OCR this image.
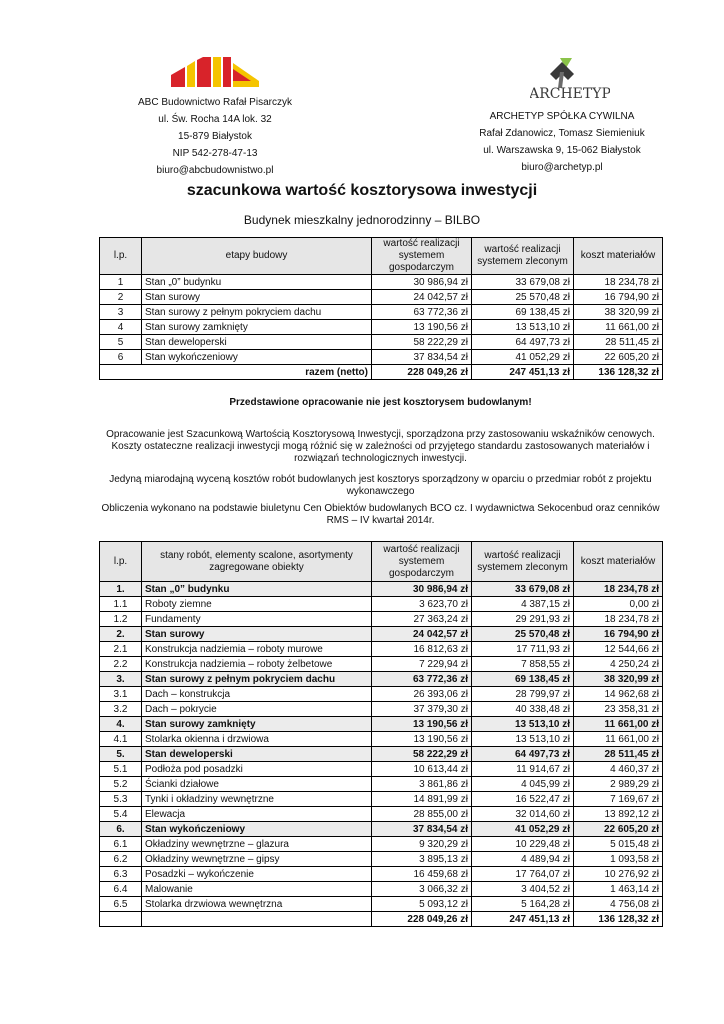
ABC Budownictwo Rafał Pisarczyk
ul. Św. Rocha 14A lok. 32
15-879 Białystok
NIP 542-278-47-13
biuro@abcbudownistwo.pl
ARCHETYP
ARCHETYP SPÓŁKA CYWILNA
Rafał Zdanowicz, Tomasz Siemieniuk
ul. Warszawska 9, 15-062 Białystok
biuro@archetyp.pl
szacunkowa wartość kosztorysowa inwestycji
Budynek mieszkalny jednorodzinny – BILBO
l.p.	etapy budowy	wartość realizacji systemem gospodarczym	wartość realizacji systemem zleconym	koszt materiałów
1	Stan „0” budynku	30 986,94 zł	33 679,08 zł	18 234,78 zł
2	Stan surowy	24 042,57 zł	25 570,48 zł	16 794,90 zł
3	Stan surowy z pełnym pokryciem dachu	63 772,36 zł	69 138,45 zł	38 320,99 zł
4	Stan surowy zamknięty	13 190,56 zł	13 513,10 zł	11 661,00 zł
5	Stan deweloperski	58 222,29 zł	64 497,73 zł	28 511,45 zł
6	Stan wykończeniowy	37 834,54 zł	41 052,29 zł	22 605,20 zł
razem (netto)		228 049,26 zł	247 451,13 zł	136 128,32 zł
Przedstawione opracowanie nie jest kosztorysem budowlanym!
Opracowanie jest Szacunkową Wartością Kosztorysową Inwestycji, sporządzona przy zastosowaniu wskaźników cenowych.
Koszty ostateczne realizacji inwestycji mogą różnić się w zależności od przyjętego standardu zastosowanych materiałów i
rozwiązań technologicznych inwestycji.
Jedyną miarodajną wyceną kosztów robót budowlanych jest kosztorys sporządzony w oparciu o przedmiar robót z projektu
wykonawczego
Obliczenia wykonano na podstawie biuletynu Cen Obiektów budowlanych BCO cz. I wydawnictwa Sekocenbud oraz cenników
RMS – IV kwartał 2014r.
l.p.	stany robót, elementy scalone, asortymenty zagregowane obiekty	wartość realizacji systemem gospodarczym	wartość realizacji systemem zleconym	koszt materiałów
1.	Stan „0” budynku	30 986,94 zł	33 679,08 zł	18 234,78 zł
1.1	Roboty ziemne	3 623,70 zł	4 387,15 zł	0,00 zł
1.2	Fundamenty	27 363,24 zł	29 291,93 zł	18 234,78 zł
2.	Stan surowy	24 042,57 zł	25 570,48 zł	16 794,90 zł
2.1	Konstrukcja nadziemia – roboty murowe	16 812,63 zł	17 711,93 zł	12 544,66 zł
2.2	Konstrukcja nadziemia – roboty żelbetowe	7 229,94 zł	7 858,55 zł	4 250,24 zł
3.	Stan surowy z pełnym pokryciem dachu	63 772,36 zł	69 138,45 zł	38 320,99 zł
3.1	Dach – konstrukcja	26 393,06 zł	28 799,97 zł	14 962,68 zł
3.2	Dach – pokrycie	37 379,30 zł	40 338,48 zł	23 358,31 zł
4.	Stan surowy zamknięty	13 190,56 zł	13 513,10 zł	11 661,00 zł
4.1	Stolarka okienna i drzwiowa	13 190,56 zł	13 513,10 zł	11 661,00 zł
5.	Stan deweloperski	58 222,29 zł	64 497,73 zł	28 511,45 zł
5.1	Podłoża pod posadzki	10 613,44 zł	11 914,67 zł	4 460,37 zł
5.2	Ścianki działowe	3 861,86 zł	4 045,99 zł	2 989,29 zł
5.3	Tynki i okładziny wewnętrzne	14 891,99 zł	16 522,47 zł	7 169,67 zł
5.4	Elewacja	28 855,00 zł	32 014,60 zł	13 892,12 zł
6.	Stan wykończeniowy	37 834,54 zł	41 052,29 zł	22 605,20 zł
6.1	Okładziny wewnętrzne – glazura	9 320,29 zł	10 229,48 zł	5 015,48 zł
6.2	Okładziny wewnętrzne – gipsy	3 895,13 zł	4 489,94 zł	1 093,58 zł
6.3	Posadzki – wykończenie	16 459,68 zł	17 764,07 zł	10 276,92 zł
6.4	Malowanie	3 066,32 zł	3 404,52 zł	1 463,14 zł
6.5	Stolarka drzwiowa wewnętrzna	5 093,12 zł	5 164,28 zł	4 756,08 zł
		228 049,26 zł	247 451,13 zł	136 128,32 zł
